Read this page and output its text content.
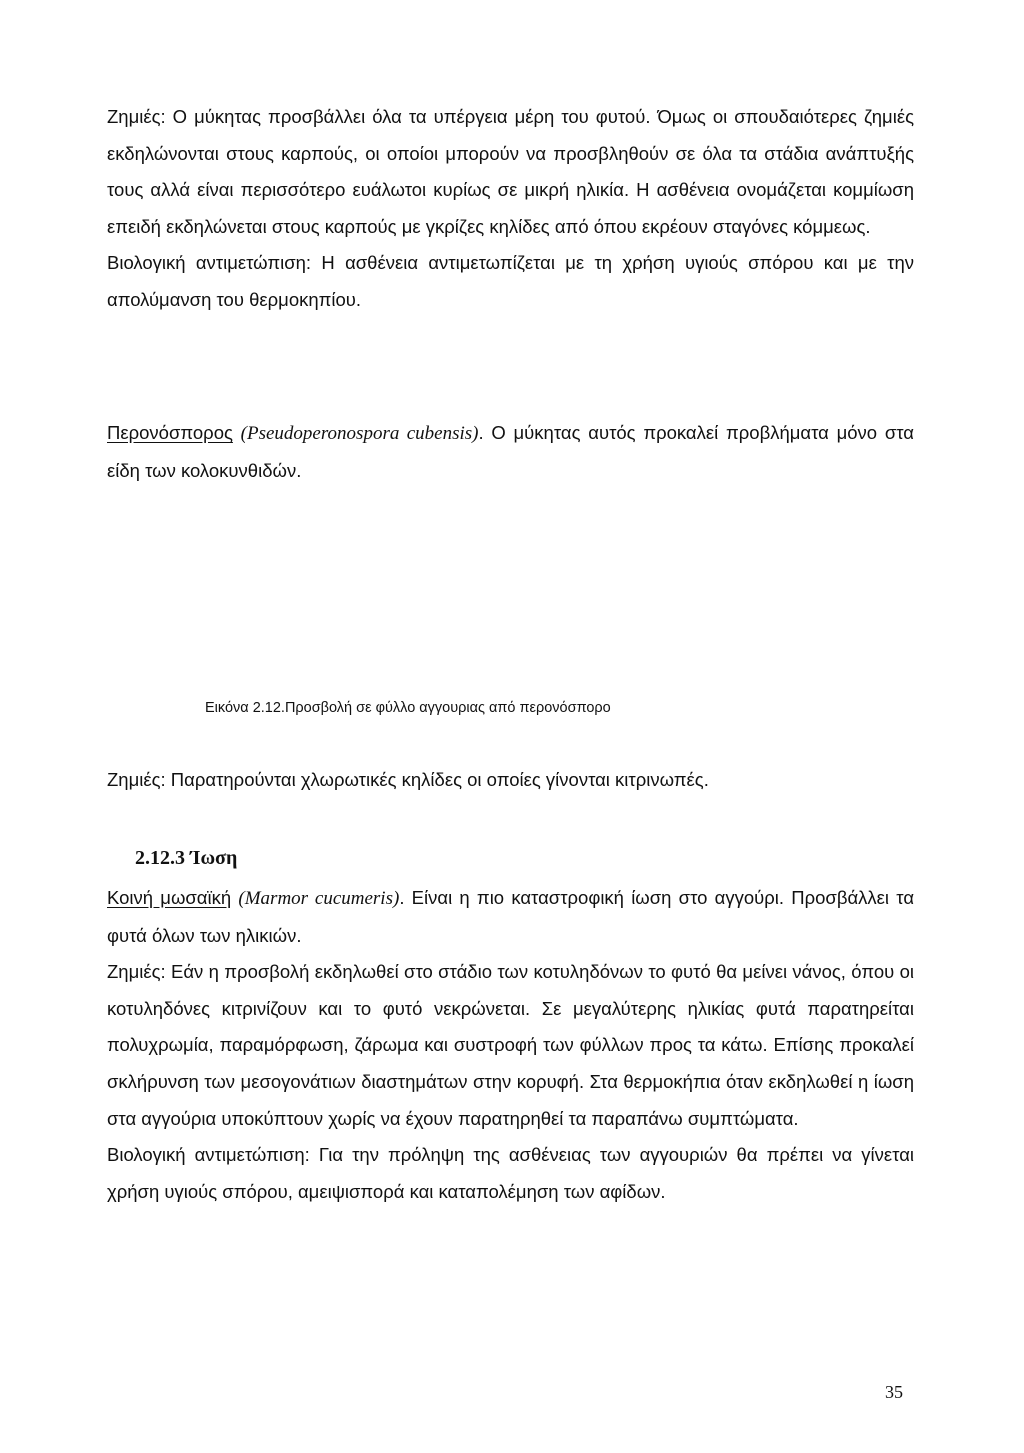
Ζημιές: Ο μύκητας προσβάλλει όλα τα υπέργεια μέρη του φυτού. Όμως οι σπουδαιότερες ζημιές εκδηλώνονται στους καρπούς, οι οποίοι μπορούν να προσβληθούν σε όλα τα στάδια ανάπτυξής τους αλλά είναι περισσότερο ευάλωτοι κυρίως σε μικρή ηλικία. Η ασθένεια ονομάζεται κομμίωση επειδή εκδηλώνεται στους καρπούς με γκρίζες κηλίδες από όπου εκρέουν σταγόνες κόμμεως.

Βιολογική αντιμετώπιση: Η ασθένεια αντιμετωπίζεται με τη χρήση υγιούς σπόρου και με την απολύμανση του θερμοκηπίου.

Περονόσπορος (Pseudoperonospora cubensis). Ο μύκητας αυτός προκαλεί προβλήματα μόνο στα είδη των κολοκυνθιδών.

Εικόνα 2.12.Προσβολή σε φύλλο αγγουριας από περονόσπορο

Ζημιές: Παρατηρούνται χλωρωτικές κηλίδες οι οποίες γίνονται κιτρινωπές.

2.12.3 Ίωση

Κοινή μωσαϊκή (Marmor cucumeris). Είναι η πιο καταστροφική ίωση στο αγγούρι. Προσβάλλει τα φυτά όλων των ηλικιών.

Ζημιές: Εάν η προσβολή εκδηλωθεί στο στάδιο των κοτυληδόνων το φυτό θα μείνει νάνος, όπου οι κοτυληδόνες κιτρινίζουν και το φυτό νεκρώνεται. Σε μεγαλύτερης ηλικίας φυτά παρατηρείται πολυχρωμία, παραμόρφωση, ζάρωμα και συστροφή των φύλλων προς τα κάτω. Επίσης προκαλεί σκλήρυνση των μεσογονάτιων διαστημάτων στην κορυφή. Στα θερμοκήπια όταν εκδηλωθεί η ίωση στα αγγούρια υποκύπτουν χωρίς να έχουν παρατηρηθεί τα παραπάνω συμπτώματα.

Βιολογική αντιμετώπιση: Για την πρόληψη της ασθένειας των αγγουριών θα πρέπει να γίνεται χρήση υγιούς σπόρου, αμειψισπορά και καταπολέμηση των αφίδων.

35
